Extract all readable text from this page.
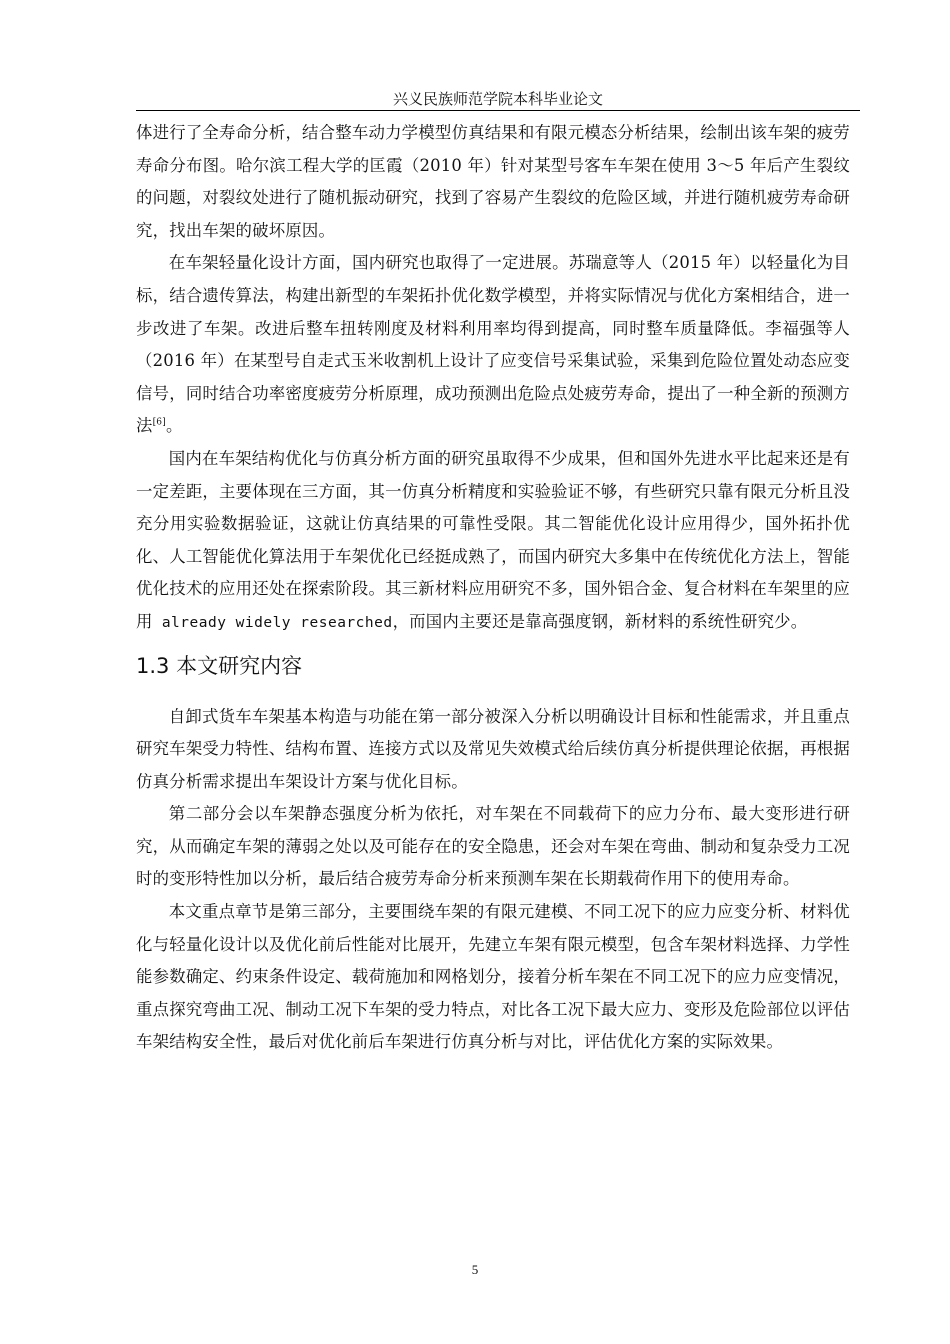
兴义民族师范学院本科毕业论文

体进行了全寿命分析，结合整车动力学模型仿真结果和有限元模态分析结果，绘制出该车架的疲劳寿命分布图。哈尔滨工程大学的匡霞（2010 年）针对某型号客车车架在使用 3～5 年后产生裂纹的问题，对裂纹处进行了随机振动研究，找到了容易产生裂纹的危险区域，并进行随机疲劳寿命研究，找出车架的破坏原因。

在车架轻量化设计方面，国内研究也取得了一定进展。苏瑞意等人（2015 年）以轻量化为目标，结合遗传算法，构建出新型的车架拓扑优化数学模型，并将实际情况与优化方案相结合，进一步改进了车架。改进后整车扭转刚度及材料利用率均得到提高，同时整车质量降低。李福强等人（2016 年）在某型号自走式玉米收割机上设计了应变信号采集试验，采集到危险位置处动态应变信号，同时结合功率密度疲劳分析原理，成功预测出危险点处疲劳寿命，提出了一种全新的预测方法[6]。

国内在车架结构优化与仿真分析方面的研究虽取得不少成果，但和国外先进水平比起来还是有一定差距，主要体现在三方面，其一仿真分析精度和实验验证不够，有些研究只靠有限元分析且没充分用实验数据验证，这就让仿真结果的可靠性受限。其二智能优化设计应用得少，国外拓扑优化、人工智能优化算法用于车架优化已经挺成熟了，而国内研究大多集中在传统优化方法上，智能优化技术的应用还处在探索阶段。其三新材料应用研究不多，国外铝合金、复合材料在车架里的应用 already widely researched，而国内主要还是靠高强度钢，新材料的系统性研究少。

1.3 本文研究内容

自卸式货车车架基本构造与功能在第一部分被深入分析以明确设计目标和性能需求，并且重点研究车架受力特性、结构布置、连接方式以及常见失效模式给后续仿真分析提供理论依据，再根据仿真分析需求提出车架设计方案与优化目标。

第二部分会以车架静态强度分析为依托，对车架在不同载荷下的应力分布、最大变形进行研究，从而确定车架的薄弱之处以及可能存在的安全隐患，还会对车架在弯曲、制动和复杂受力工况时的变形特性加以分析，最后结合疲劳寿命分析来预测车架在长期载荷作用下的使用寿命。

本文重点章节是第三部分，主要围绕车架的有限元建模、不同工况下的应力应变分析、材料优化与轻量化设计以及优化前后性能对比展开，先建立车架有限元模型，包含车架材料选择、力学性能参数确定、约束条件设定、载荷施加和网格划分，接着分析车架在不同工况下的应力应变情况，重点探究弯曲工况、制动工况下车架的受力特点，对比各工况下最大应力、变形及危险部位以评估车架结构安全性，最后对优化前后车架进行仿真分析与对比，评估优化方案的实际效果。

5
